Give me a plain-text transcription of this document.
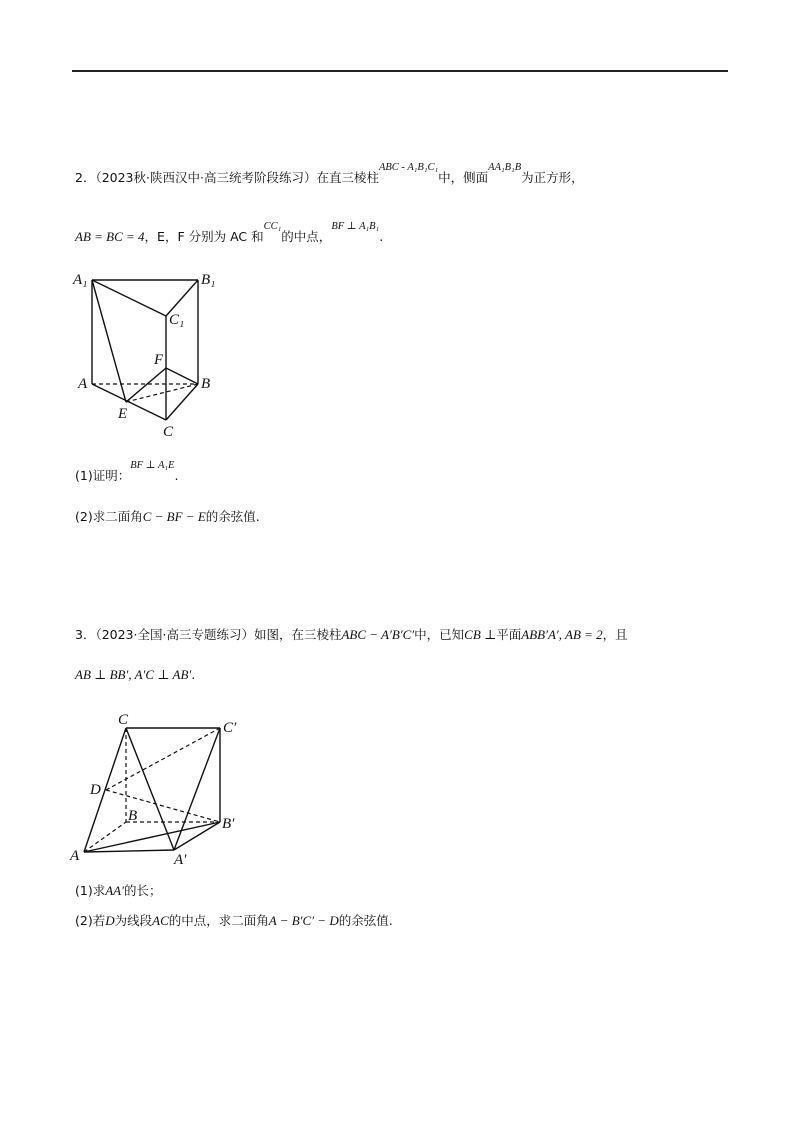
2．（2023秋·陕西汉中·高三统考阶段练习）在直三棱柱$^{ABC - A_1B_1C_1}$中，侧面$^{AA_1B_1B}$为正方形，
AB = BC = 4，E，F 分别为 AC 和$^{CC_1}$的中点，$^{BF \perp A_1B_1}$.
A₁	B₁
C₁
F
A	B
E
C
(1)证明：$^{BF \perp A_1E}$.
(2)求二面角C − BF − E的余弦值.
3．（2023·全国·高三专题练习）如图，在三棱柱ABC − A′B′C′中，已知CB ⊥平面ABB′A′, AB = 2，且
AB ⊥ BB′, A′C ⊥ AB′.
C	C′
D
B	B′
A	A′
(1)求AA′的长；
(2)若D为线段AC的中点，求二面角A − B′C′ − D的余弦值.
